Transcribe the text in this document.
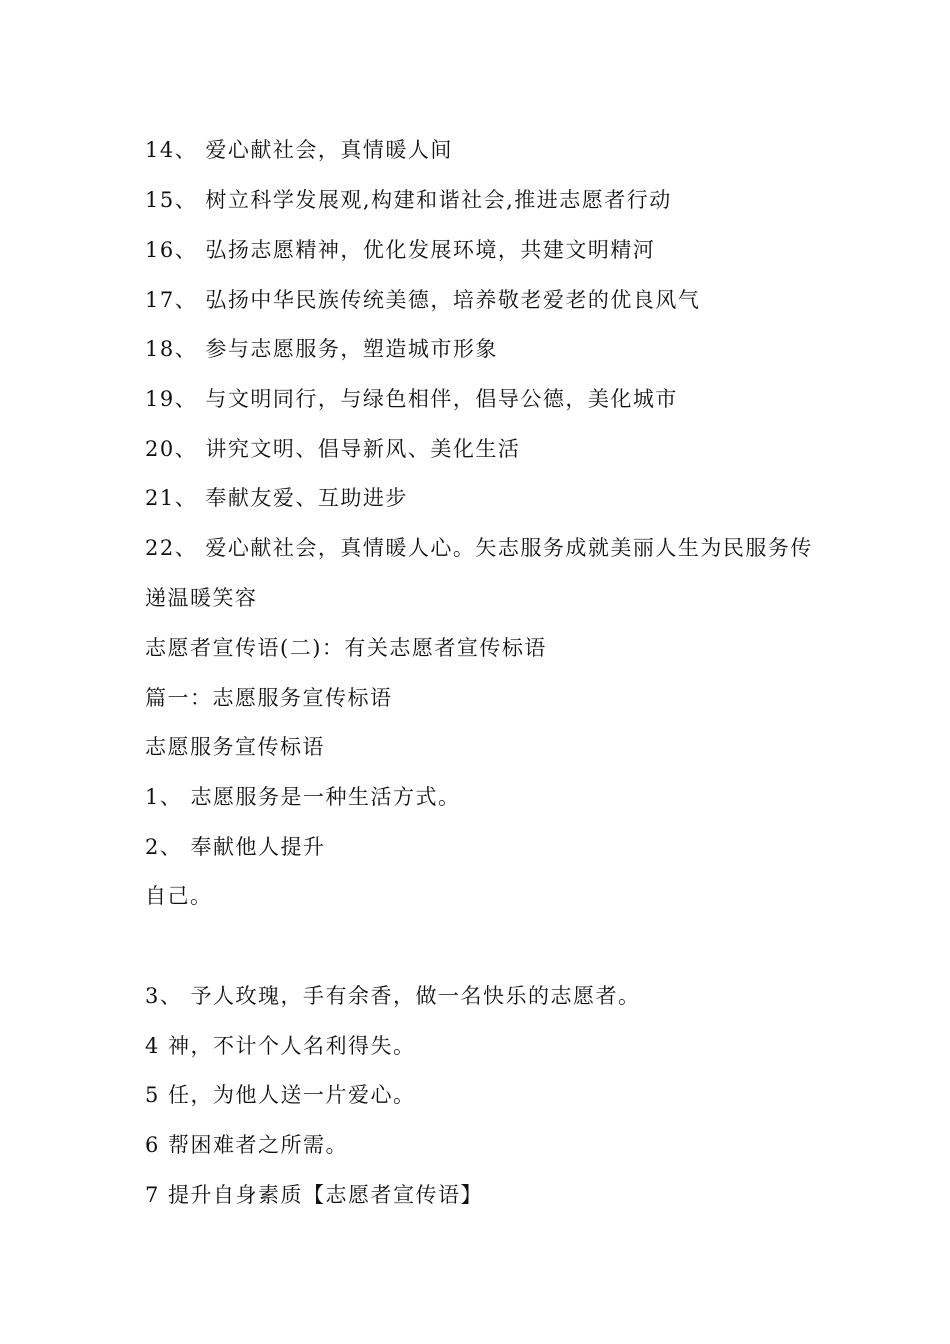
14、 爱心献社会，真情暖人间
15、 树立科学发展观,构建和谐社会,推进志愿者行动
16、 弘扬志愿精神，优化发展环境，共建文明精河
17、 弘扬中华民族传统美德，培养敬老爱老的优良风气
18、 参与志愿服务，塑造城市形象
19、 与文明同行，与绿色相伴，倡导公德，美化城市
20、 讲究文明、倡导新风、美化生活
21、 奉献友爱、互助进步
22、 爱心献社会，真情暖人心。矢志服务成就美丽人生为民服务传
递温暖笑容
志愿者宣传语(二)：有关志愿者宣传标语
篇一：志愿服务宣传标语
志愿服务宣传标语
1、 志愿服务是一种生活方式。
2、 奉献他人提升
自己。
3、 予人玫瑰，手有余香，做一名快乐的志愿者。
4 神，不计个人名利得失。
5 任，为他人送一片爱心。
6 帮困难者之所需。
7 提升自身素质【志愿者宣传语】
